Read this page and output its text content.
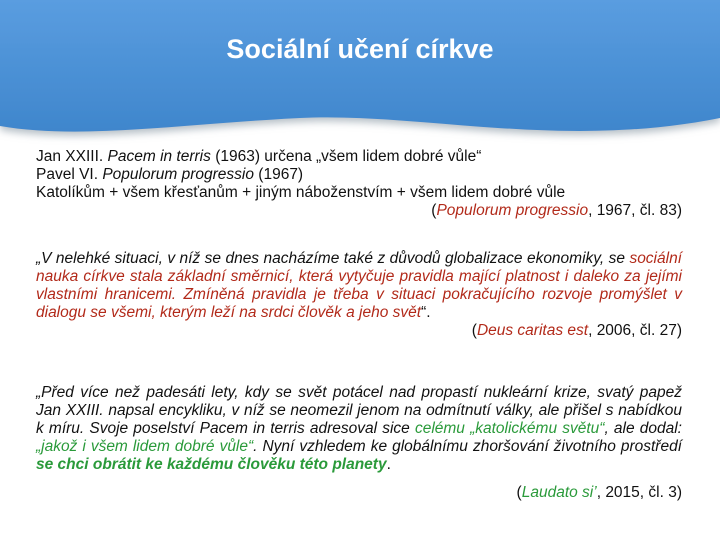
Sociální učení církve
Jan XXIII. Pacem in terris (1963) určena „všem lidem dobré vůle“
Pavel VI. Populorum progressio (1967)
Katolíkům + všem křesťanům + jiným náboženstvím + všem lidem dobré vůle
(Populorum progressio, 1967, čl. 83)
„V nelehké situaci, v níž se dnes nacházíme také z důvodů globalizace ekonomiky, se sociální nauka církve stala základní směrnicí, která vytyčuje pravidla mající platnost i daleko za jejími vlastními hranicemi. Zmíněná pravidla je třeba v situaci pokračujícího rozvoje promýšlet v dialogu se všemi, kterým leží na srdci člověk a jeho svět“.
(Deus caritas est, 2006, čl. 27)
„Před více než padesáti lety, kdy se svět potácel nad propastí nukleární krize, svatý papež Jan XXIII. napsal encykliku, v níž se neomezil jenom na odmítnutí války, ale přišel s nabídkou k míru. Svoje poselství Pacem in terris adresoval sice celému „katolickému světu“, ale dodal: „jakož i všem lidem dobré vůle“. Nyní vzhledem ke globálnímu zhoršování životního prostředí se chci obrátit ke každému člověku této planety.
(Laudato si’, 2015, čl. 3)
